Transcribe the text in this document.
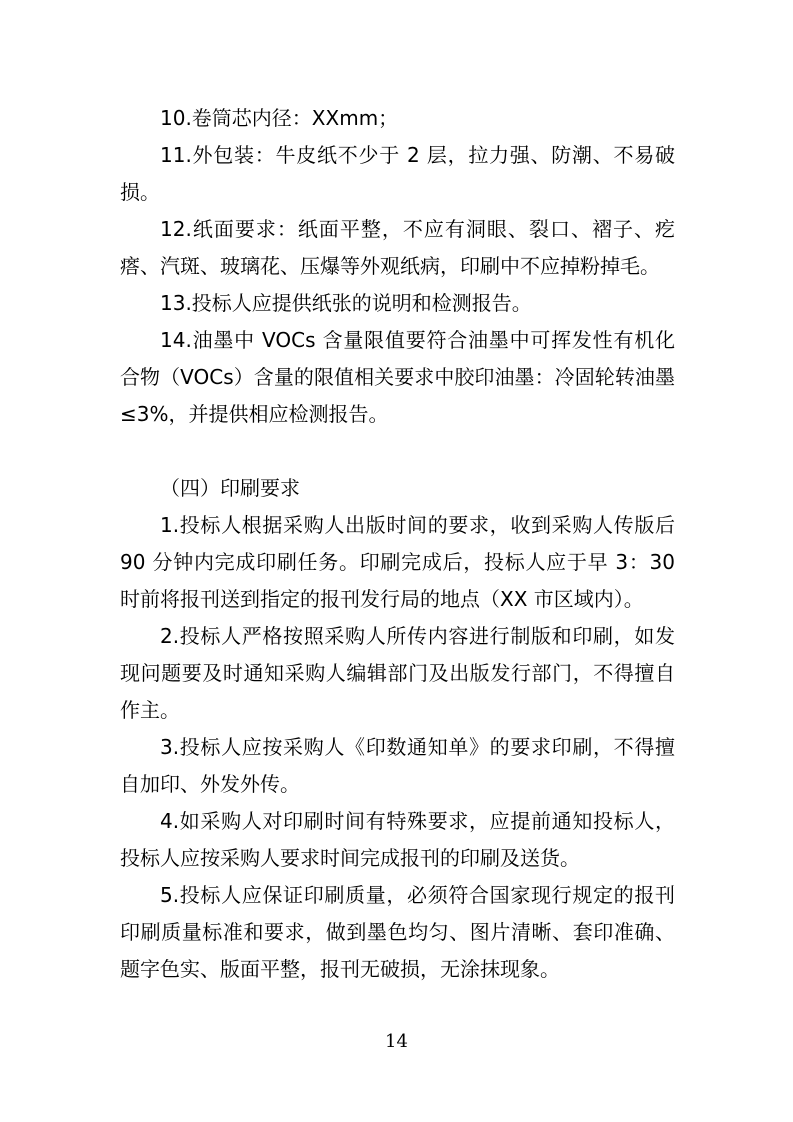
10.卷筒芯内径：XXmm；

11.外包装：牛皮纸不少于 2 层，拉力强、防潮、不易破损。

12.纸面要求：纸面平整，不应有洞眼、裂口、褶子、疙瘩、汽斑、玻璃花、压爆等外观纸病，印刷中不应掉粉掉毛。

13.投标人应提供纸张的说明和检测报告。

14.油墨中 VOCs 含量限值要符合油墨中可挥发性有机化合物（VOCs）含量的限值相关要求中胶印油墨：冷固轮转油墨≤3%，并提供相应检测报告。

（四）印刷要求

1.投标人根据采购人出版时间的要求，收到采购人传版后 90 分钟内完成印刷任务。印刷完成后，投标人应于早 3：30 时前将报刊送到指定的报刊发行局的地点（XX 市区域内）。

2.投标人严格按照采购人所传内容进行制版和印刷，如发现问题要及时通知采购人编辑部门及出版发行部门，不得擅自作主。

3.投标人应按采购人《印数通知单》的要求印刷，不得擅自加印、外发外传。

4.如采购人对印刷时间有特殊要求，应提前通知投标人，投标人应按采购人要求时间完成报刊的印刷及送货。

5.投标人应保证印刷质量，必须符合国家现行规定的报刊印刷质量标准和要求，做到墨色均匀、图片清晰、套印准确、题字色实、版面平整，报刊无破损，无涂抹现象。

14
